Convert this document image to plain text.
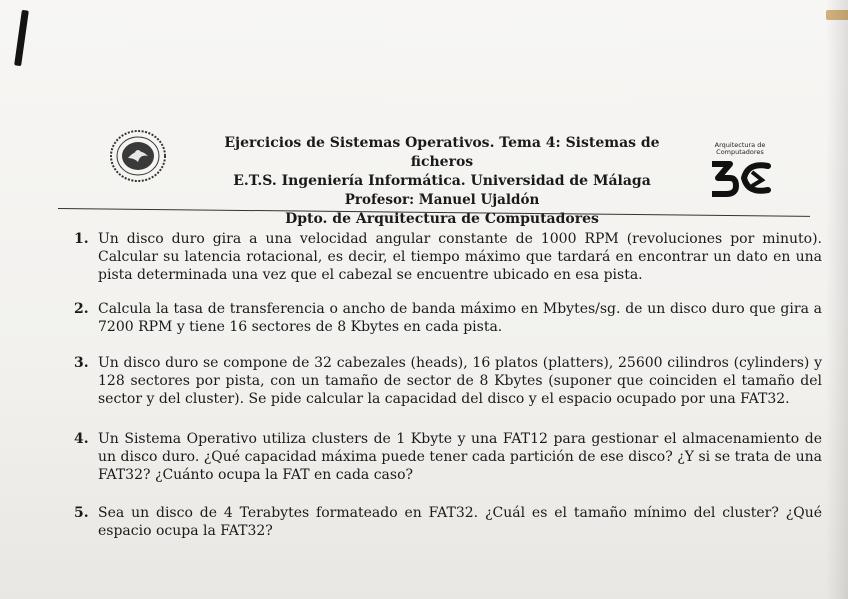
Ejercicios de Sistemas Operativos. Tema 4: Sistemas de ficheros
E.T.S. Ingeniería Informática. Universidad de Málaga
Profesor: Manuel Ujaldón
Dpto. de Arquitectura de Computadores
Arquitectura de Computadores
1. Un disco duro gira a una velocidad angular constante de 1000 RPM (revoluciones por minuto). Calcular su latencia rotacional, es decir, el tiempo máximo que tardará en encontrar un dato en una pista determinada una vez que el cabezal se encuentre ubicado en esa pista.
2. Calcula la tasa de transferencia o ancho de banda máximo en Mbytes/sg. de un disco duro que gira a 7200 RPM y tiene 16 sectores de 8 Kbytes en cada pista.
3. Un disco duro se compone de 32 cabezales (heads), 16 platos (platters), 25600 cilindros (cylinders) y 128 sectores por pista, con un tamaño de sector de 8 Kbytes (suponer que coinciden el tamaño del sector y del cluster). Se pide calcular la capacidad del disco y el espacio ocupado por una FAT32.
4. Un Sistema Operativo utiliza clusters de 1 Kbyte y una FAT12 para gestionar el almacenamiento de un disco duro. ¿Qué capacidad máxima puede tener cada partición de ese disco? ¿Y si se trata de una FAT32? ¿Cuánto ocupa la FAT en cada caso?
5. Sea un disco de 4 Terabytes formateado en FAT32. ¿Cuál es el tamaño mínimo del cluster? ¿Qué espacio ocupa la FAT32?
